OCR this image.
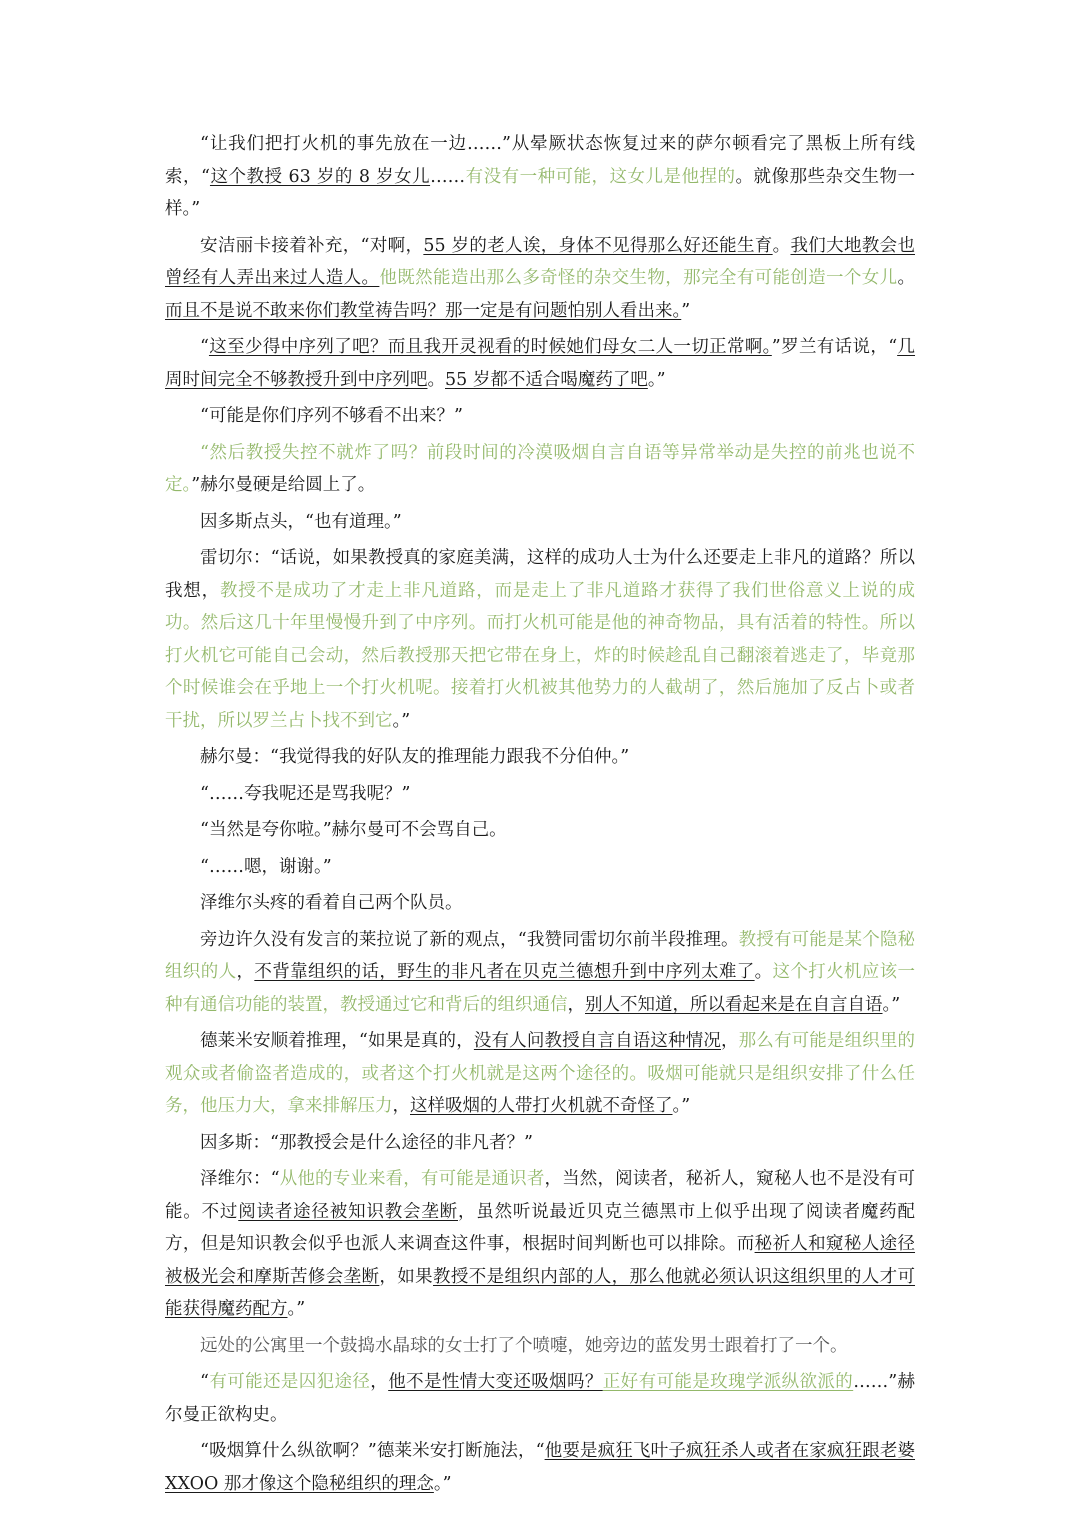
“让我们把打火机的事先放在一边……”从晕厥状态恢复过来的萨尔顿看完了黑板上所有线索，“这个教授 63 岁的 8 岁女儿……有没有一种可能，这女儿是他捏的。就像那些杂交生物一样。”

安洁丽卡接着补充，“对啊，55 岁的老人诶，身体不见得那么好还能生育。我们大地教会也曾经有人弄出来过人造人。他既然能造出那么多奇怪的杂交生物，那完全有可能创造一个女儿。而且不是说不敢来你们教堂祷告吗？那一定是有问题怕别人看出来。”

“这至少得中序列了吧？而且我开灵视看的时候她们母女二人一切正常啊。”罗兰有话说，“几周时间完全不够教授升到中序列吧。55 岁都不适合喝魔药了吧。”

“可能是你们序列不够看不出来？”

“然后教授失控不就炸了吗？前段时间的冷漠吸烟自言自语等异常举动是失控的前兆也说不定。”赫尔曼硬是给圆上了。

因多斯点头，“也有道理。”

雷切尔：“话说，如果教授真的家庭美满，这样的成功人士为什么还要走上非凡的道路？所以我想，教授不是成功了才走上非凡道路，而是走上了非凡道路才获得了我们世俗意义上说的成功。然后这几十年里慢慢升到了中序列。而打火机可能是他的神奇物品，具有活着的特性。所以打火机它可能自己会动，然后教授那天把它带在身上，炸的时候趁乱自己翻滚着逃走了，毕竟那个时候谁会在乎地上一个打火机呢。接着打火机被其他势力的人截胡了，然后施加了反占卜或者干扰，所以罗兰占卜找不到它。”

赫尔曼：“我觉得我的好队友的推理能力跟我不分伯仲。”

“……夸我呢还是骂我呢？”

“当然是夸你啦。”赫尔曼可不会骂自己。

“……嗯，谢谢。”

泽维尔头疼的看着自己两个队员。

旁边许久没有发言的莱拉说了新的观点，“我赞同雷切尔前半段推理。教授有可能是某个隐秘组织的人，不背靠组织的话，野生的非凡者在贝克兰德想升到中序列太难了。这个打火机应该一种有通信功能的装置，教授通过它和背后的组织通信，别人不知道，所以看起来是在自言自语。”

德莱米安顺着推理，“如果是真的，没有人问教授自言自语这种情况，那么有可能是组织里的观众或者偷盗者造成的，或者这个打火机就是这两个途径的。吸烟可能就只是组织安排了什么任务，他压力大，拿来排解压力，这样吸烟的人带打火机就不奇怪了。”

因多斯：“那教授会是什么途径的非凡者？”

泽维尔：“从他的专业来看，有可能是通识者，当然，阅读者，秘祈人，窥秘人也不是没有可能。不过阅读者途径被知识教会垄断，虽然听说最近贝克兰德黑市上似乎出现了阅读者魔药配方，但是知识教会似乎也派人来调查这件事，根据时间判断也可以排除。而秘祈人和窥秘人途径被极光会和摩斯苦修会垄断，如果教授不是组织内部的人，那么他就必须认识这组织里的人才可能获得魔药配方。”

远处的公寓里一个鼓捣水晶球的女士打了个喷嚏，她旁边的蓝发男士跟着打了一个。

“有可能还是囚犯途径，他不是性情大变还吸烟吗？正好有可能是玫瑰学派纵欲派的……”赫尔曼正欲构史。

“吸烟算什么纵欲啊？”德莱米安打断施法，“他要是疯狂飞叶子疯狂杀人或者在家疯狂跟老婆 XXOO 那才像这个隐秘组织的理念。”
